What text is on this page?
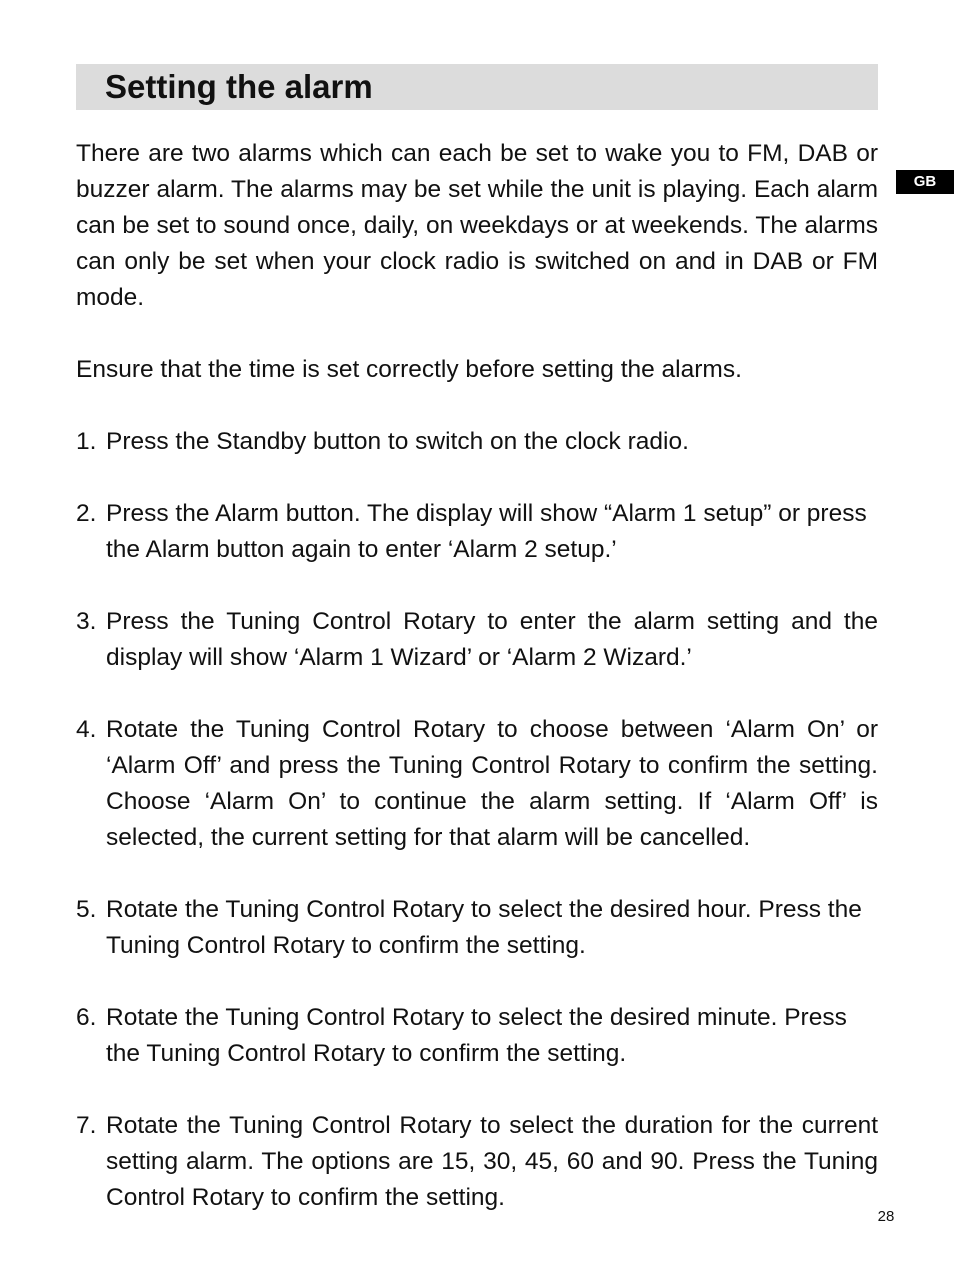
Setting the alarm
GB

There are two alarms which can each be set to wake you to FM, DAB or buzzer alarm. The alarms may be set while the unit is playing. Each alarm can be set to sound once, daily, on weekdays or at weekends. The alarms can only be set when your clock radio is switched on and in DAB or FM mode.

Ensure that the time is set correctly before setting the alarms.

1. Press the Standby button to switch on the clock radio.
2. Press the Alarm button. The display will show “Alarm 1 setup” or press the Alarm button again to enter ‘Alarm 2 setup.’
3. Press the Tuning Control Rotary to enter the alarm setting and the display will show ‘Alarm 1 Wizard’ or ‘Alarm 2 Wizard.’
4. Rotate the Tuning Control Rotary to choose between ‘Alarm On’ or ‘Alarm Off’ and press the Tuning Control Rotary to confirm the setting. Choose ‘Alarm On’ to continue the alarm setting. If ‘Alarm Off’ is selected, the current setting for that alarm will be cancelled.
5. Rotate the Tuning Control Rotary to select the desired hour. Press the Tuning Control Rotary to confirm the setting.
6. Rotate the Tuning Control Rotary to select the desired minute. Press the Tuning Control Rotary to confirm the setting.
7. Rotate the Tuning Control Rotary to select the duration for the current setting alarm. The options are 15, 30, 45, 60 and 90. Press the Tuning Control Rotary to confirm the setting.
28
